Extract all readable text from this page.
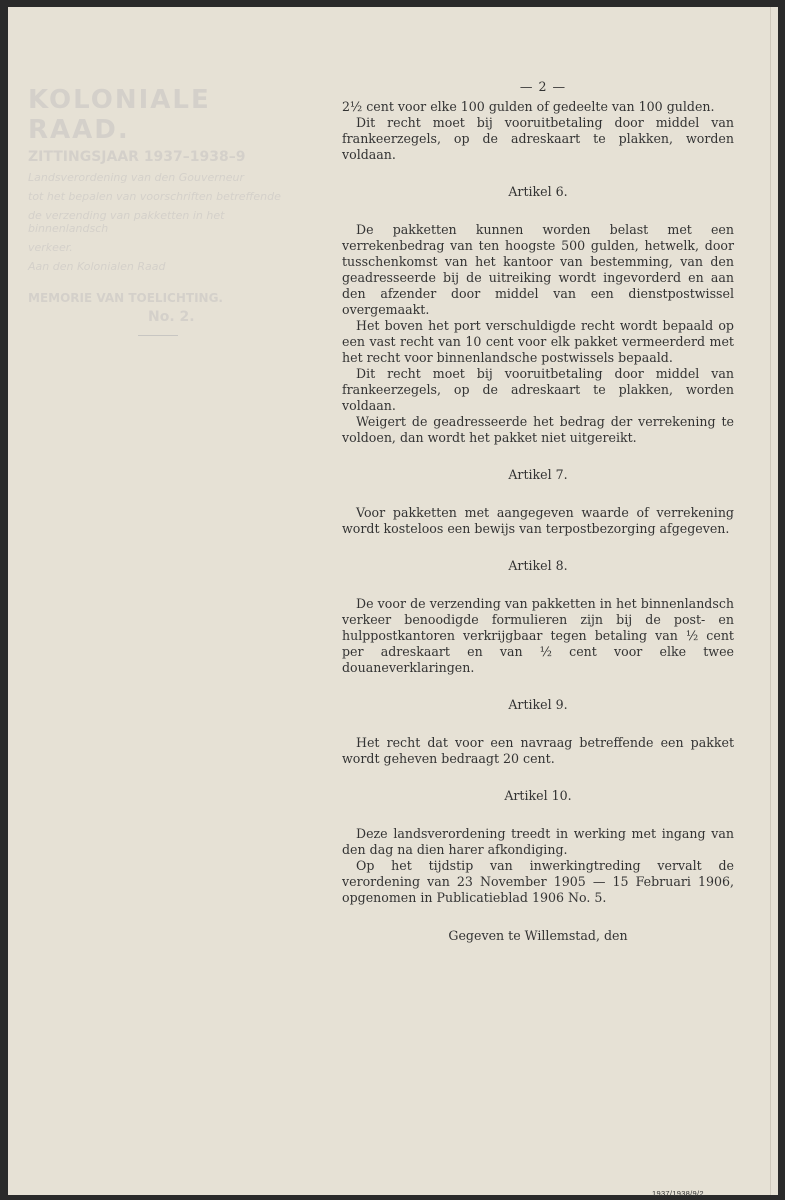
KOLONIALE RAAD.
ZITTINGSJAAR 1937–1938–9
Landsverordening van den Gouverneur
tot het bepalen van voorschriften betreffende
de verzending van pakketten in het binnenlandsch
verkeer.
Aan den Kolonialen Raad
MEMORIE VAN TOELICHTING.
No. 2.
— 2 —
2½ cent voor elke 100 gulden of gedeelte van 100 gulden.
Dit recht moet bij vooruitbetaling door middel van frankeerzegels, op de adreskaart te plakken, worden voldaan.
Artikel 6.
De pakketten kunnen worden belast met een verrekenbedrag van ten hoogste 500 gulden, hetwelk, door tusschenkomst van het kantoor van bestemming, van den geadresseerde bij de uitreiking wordt ingevorderd en aan den afzender door middel van een dienstpostwissel overgemaakt.
Het boven het port verschuldigde recht wordt bepaald op een vast recht van 10 cent voor elk pakket vermeerderd met het recht voor binnenlandsche postwissels bepaald.
Dit recht moet bij vooruitbetaling door middel van frankeerzegels, op de adreskaart te plakken, worden voldaan.
Weigert de geadresseerde het bedrag der verrekening te voldoen, dan wordt het pakket niet uitgereikt.
Artikel 7.
Voor pakketten met aangegeven waarde of verrekening wordt kosteloos een bewijs van terpostbezorging afgegeven.
Artikel 8.
De voor de verzending van pakketten in het binnenlandsch verkeer benoodigde formulieren zijn bij de post- en hulppostkantoren verkrijgbaar tegen betaling van ½ cent per adreskaart en van ½ cent voor elke twee douaneverklaringen.
Artikel 9.
Het recht dat voor een navraag betreffende een pakket wordt geheven bedraagt 20 cent.
Artikel 10.
Deze landsverordening treedt in werking met ingang van den dag na dien harer afkondiging.
Op het tijdstip van inwerkingtreding vervalt de verordening van 23 November 1905 — 15 Februari 1906, opgenomen in Publicatieblad 1906 No. 5.
Gegeven te Willemstad, den
1937/1938/9/2
